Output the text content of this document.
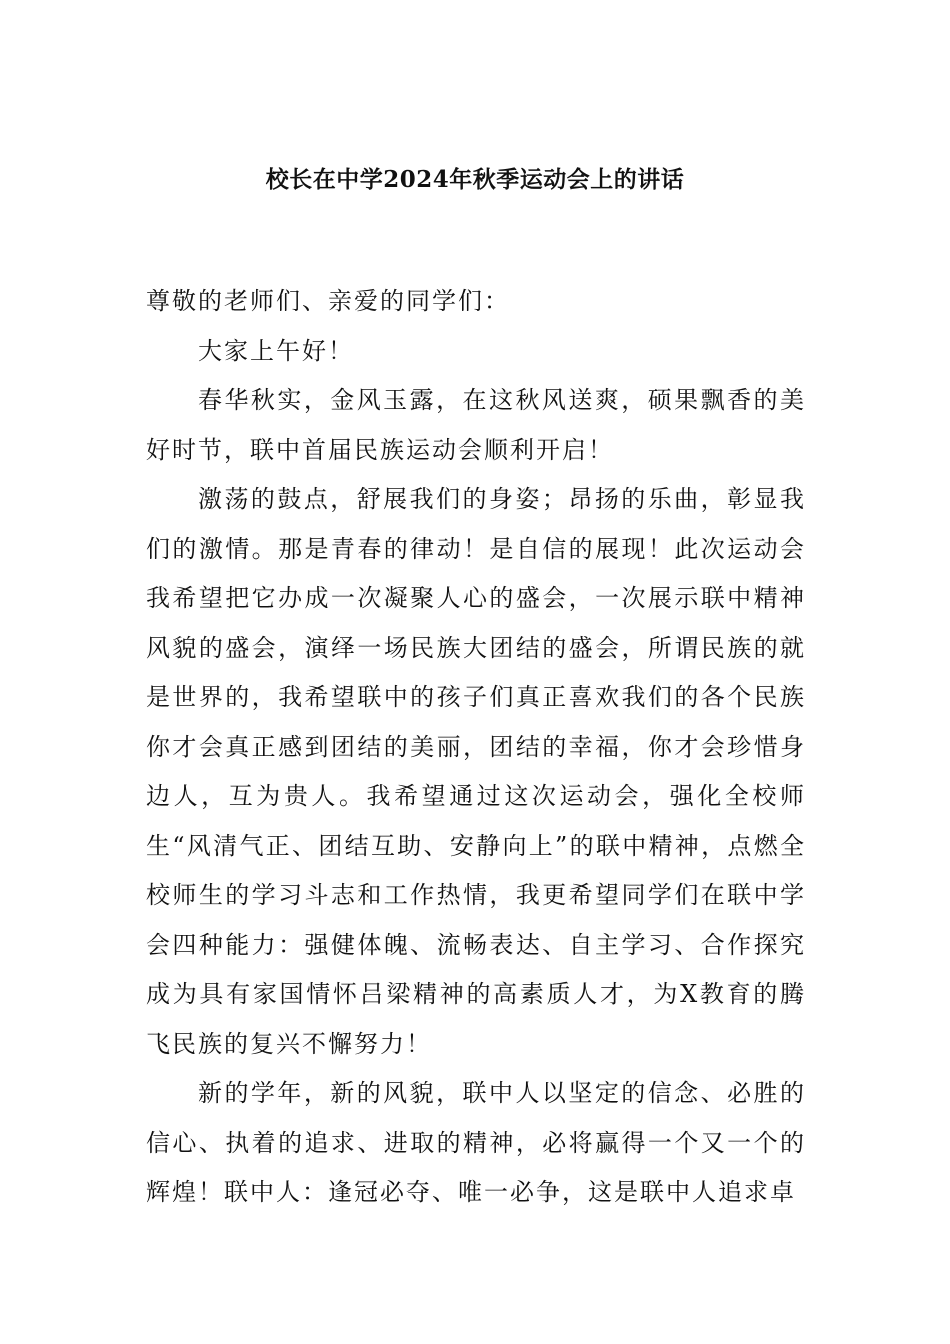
校长在中学2024年秋季运动会上的讲话

尊敬的老师们、亲爱的同学们：

大家上午好！

春华秋实，金风玉露，在这秋风送爽，硕果飘香的美好时节，联中首届民族运动会顺利开启！

激荡的鼓点，舒展我们的身姿；昂扬的乐曲，彰显我们的激情。那是青春的律动！是自信的展现！此次运动会我希望把它办成一次凝聚人心的盛会，一次展示联中精神风貌的盛会，演绎一场民族大团结的盛会，所谓民族的就是世界的，我希望联中的孩子们真正喜欢我们的各个民族你才会真正感到团结的美丽，团结的幸福，你才会珍惜身边人，互为贵人。我希望通过这次运动会，强化全校师生“风清气正、团结互助、安静向上”的联中精神，点燃全校师生的学习斗志和工作热情，我更希望同学们在联中学会四种能力：强健体魄、流畅表达、自主学习、合作探究成为具有家国情怀吕梁精神的高素质人才，为X教育的腾飞民族的复兴不懈努力！

新的学年，新的风貌，联中人以坚定的信念、必胜的信心、执着的追求、进取的精神，必将赢得一个又一个的辉煌！联中人：逢冠必夺、唯一必争，这是联中人追求卓
